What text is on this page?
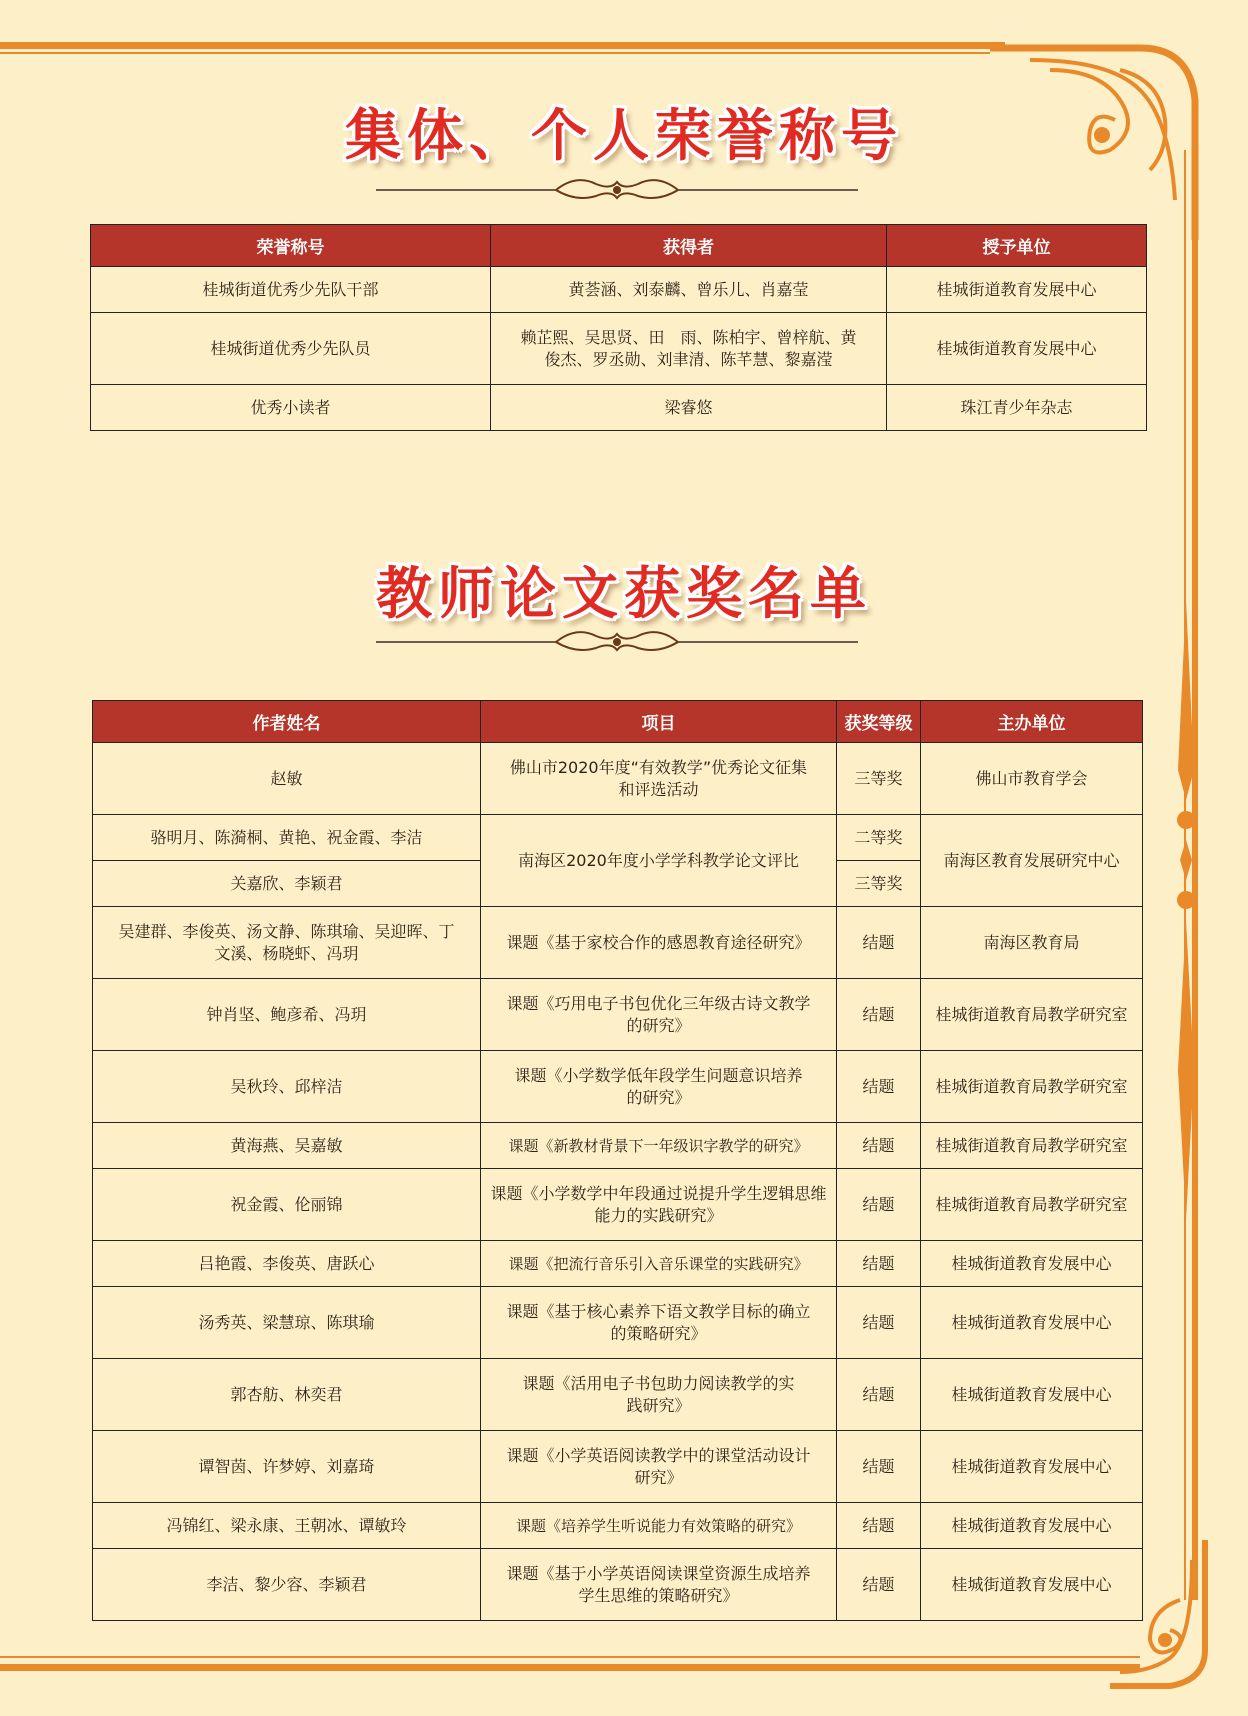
集体、个人荣誉称号
荣誉称号	获得者	授予单位
桂城街道优秀少先队干部	黄荟涵、刘泰麟、曾乐儿、肖嘉莹	桂城街道教育发展中心
桂城街道优秀少先队员	赖芷熙、吴思贤、田　雨、陈柏宇、曾梓航、黄俊杰、罗丞勋、刘聿清、陈芊慧、黎嘉滢	桂城街道教育发展中心
优秀小读者	梁睿悠	珠江青少年杂志
教师论文获奖名单
作者姓名	项目	获奖等级	主办单位
赵敏	佛山市2020年度“有效教学”优秀论文征集和评选活动	三等奖	佛山市教育学会
骆明月、陈漪桐、黄艳、祝金霞、李洁	南海区2020年度小学学科教学论文评比	二等奖	南海区教育发展研究中心
关嘉欣、李颖君		三等奖	
吴建群、李俊英、汤文静、陈琪瑜、吴迎晖、丁文溪、杨晓虾、冯玥	课题《基于家校合作的感恩教育途径研究》	结题	南海区教育局
钟肖坚、鲍彦希、冯玥	课题《巧用电子书包优化三年级古诗文教学的研究》	结题	桂城街道教育局教学研究室
吴秋玲、邱梓洁	课题《小学数学低年段学生问题意识培养的研究》	结题	桂城街道教育局教学研究室
黄海燕、吴嘉敏	课题《新教材背景下一年级识字教学的研究》	结题	桂城街道教育局教学研究室
祝金霞、伦丽锦	课题《小学数学中年段通过说提升学生逻辑思维能力的实践研究》	结题	桂城街道教育局教学研究室
吕艳霞、李俊英、唐跃心	课题《把流行音乐引入音乐课堂的实践研究》	结题	桂城街道教育发展中心
汤秀英、梁慧琼、陈琪瑜	课题《基于核心素养下语文教学目标的确立的策略研究》	结题	桂城街道教育发展中心
郭杏舫、林奕君	课题《活用电子书包助力阅读教学的实践研究》	结题	桂城街道教育发展中心
谭智茵、许梦婷、刘嘉琦	课题《小学英语阅读教学中的课堂活动设计研究》	结题	桂城街道教育发展中心
冯锦红、梁永康、王朝冰、谭敏玲	课题《培养学生听说能力有效策略的研究》	结题	桂城街道教育发展中心
李洁、黎少容、李颖君	课题《基于小学英语阅读课堂资源生成培养学生思维的策略研究》	结题	桂城街道教育发展中心
